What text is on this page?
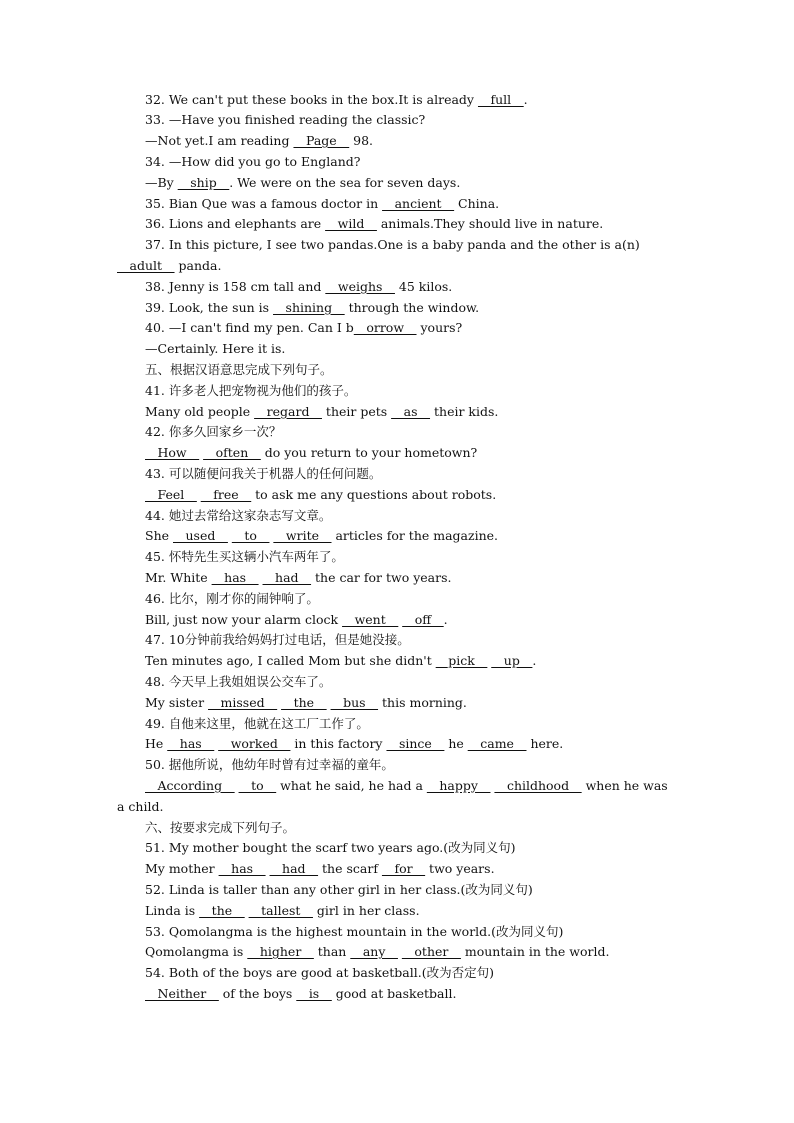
32. We can't put these books in the box.It is already __full__.
33. —Have you finished reading the classic?
—Not yet.I am reading __Page__ 98.
34. —How did you go to England?
—By __ship__. We were on the sea for seven days.
35. Bian Que was a famous doctor in __ancient__ China.
36. Lions and elephants are __wild__ animals.They should live in nature.
37. In this picture, I see two pandas.One is a baby panda and the other is a(n)
__adult__ panda.
38. Jenny is 158 cm tall and __weighs__ 45 kilos.
39. Look, the sun is __shining__ through the window.
40. —I can't find my pen. Can I b__orrow__ yours?
—Certainly. Here it is.
五、根据汉语意思完成下列句子。
41. 许多老人把宠物视为他们的孩子。
Many old people __regard__ their pets __as__ their kids.
42. 你多久回家乡一次？
__How__ __often__ do you return to your hometown?
43. 可以随便问我关于机器人的任何问题。
__Feel__ __free__ to ask me any questions about robots.
44. 她过去常给这家杂志写文章。
She __used__ __to__ __write__ articles for the magazine.
45. 怀特先生买这辆小汽车两年了。
Mr. White __has__ __had__ the car for two years.
46. 比尔，刚才你的闹钟响了。
Bill, just now your alarm clock __went__ __off__.
47. 10分钟前我给妈妈打过电话，但是她没接。
Ten minutes ago, I called Mom but she didn't __pick__ __up__.
48. 今天早上我姐姐误公交车了。
My sister __missed__ __the__ __bus__ this morning.
49. 自他来这里，他就在这工厂工作了。
He __has__ __worked__ in this factory __since__ he __came__ here.
50. 据他所说，他幼年时曾有过幸福的童年。
__According__ __to__ what he said, he had a __happy__ __childhood__ when he was
a child.
六、按要求完成下列句子。
51. My mother bought the scarf two years ago.(改为同义句)
My mother __has__ __had__ the scarf __for__ two years.
52. Linda is taller than any other girl in her class.(改为同义句)
Linda is __the__ __tallest__ girl in her class.
53. Qomolangma is the highest mountain in the world.(改为同义句)
Qomolangma is __higher__ than __any__ __other__ mountain in the world.
54. Both of the boys are good at basketball.(改为否定句)
__Neither__ of the boys __is__ good at basketball.
